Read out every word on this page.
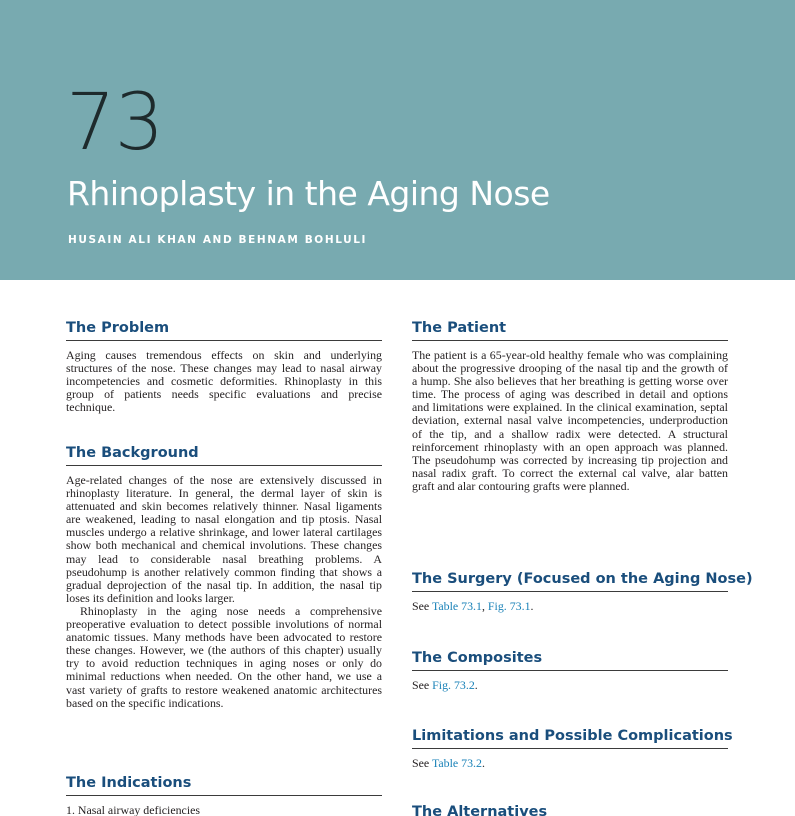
73
Rhinoplasty in the Aging Nose
HUSAIN ALI KHAN AND BEHNAM BOHLULI
The Problem

Aging causes tremendous effects on skin and underlying structures of the nose. These changes may lead to nasal airway incompetencies and cosmetic deformities. Rhinoplasty in this group of patients needs specific evaluations and precise technique.

The Background

Age-related changes of the nose are extensively discussed in rhinoplasty literature. In general, the dermal layer of skin is attenuated and skin becomes relatively thinner. Nasal ligaments are weakened, leading to nasal elongation and tip ptosis. Nasal muscles undergo a relative shrinkage, and lower lateral cartilages show both mechanical and chemical involutions. These changes may lead to considerable nasal breathing problems. A pseudohump is another relatively common finding that shows a gradual deprojection of the nasal tip. In addition, the nasal tip loses its definition and looks larger.

Rhinoplasty in the aging nose needs a comprehensive preoperative evaluation to detect possible involutions of normal anatomic tissues. Many methods have been advocated to restore these changes. However, we (the authors of this chapter) usually try to avoid reduction techniques in aging noses or only do minimal reductions when needed. On the other hand, we use a vast variety of grafts to restore weakened anatomic architectures based on the specific indications.

The Indications
1. Nasal airway deficiencies
The Patient

The patient is a 65-year-old healthy female who was complaining about the progressive drooping of the nasal tip and the growth of a hump. She also believes that her breathing is getting worse over time. The process of aging was described in detail and options and limitations were explained. In the clinical examination, septal deviation, external nasal valve incompetencies, underproduction of the tip, and a shallow radix were detected. A structural reinforcement rhinoplasty with an open approach was planned. The pseudohump was corrected by increasing tip projection and nasal radix graft. To correct the external cal valve, alar batten graft and alar contouring grafts were planned.

The Surgery (Focused on the Aging Nose)
See Table 73.1, Fig. 73.1.
The Composites
See Fig. 73.2.
Limitations and Possible Complications
See Table 73.2.
The Alternatives
